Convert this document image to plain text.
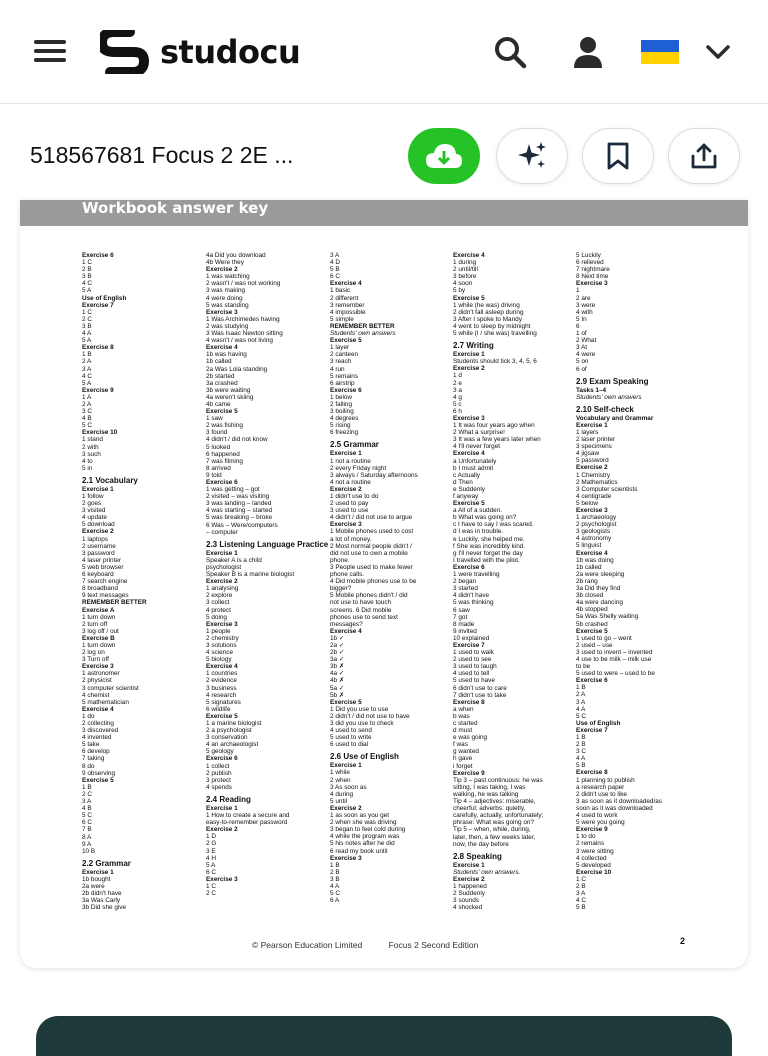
studocu
518567681 Focus 2 2E ...
Workbook answer key
Exercise 6
1 C
2 B
3 B
4 C
5 A
Use of English
Exercise 7
1 C
2 C
3 B
4 A
5 A
Exercise 8
1 B
2 A
3 A
4 C
5 A
Exercise 9
1 A
2 A
3 C
4 B
5 C
Exercise 10
1 stand
2 with
3 such
4 to
5 in
2.1 Vocabulary
Exercise 1
1 follow
2 goes
3 visited
4 update
5 download
Exercise 2
1 laptops
2 username
3 password
4 laser printer
5 web browser
6 keyboard
7 search engine
8 broadband
9 text messages
REMEMBER BETTER
Exercise A
1 turn down
2 turn off
3 log off / out
Exercise B
1 turn down
2 log on
3 Turn off
Exercise 3
1 astronomer
2 physicist
3 computer scientist
4 chemist
5 mathematician
Exercise 4
1 do
2 collecting
3 discovered
4 invented
5 take
6 develop
7 taking
8 do
9 observing
Exercise 5
1 B
2 C
3 A
4 B
5 C
6 C
7 B
8 A
9 A
10 B
2.2 Grammar
Exercise 1
1b bought
2a were
2b didn't have
3a Was Carly
3b Did she give
4a Did you download
4b Were they
Exercise 2
1 was watching
2 wasn't / was not working
3 was making
4 were doing
5 was standing
Exercise 3
1 Was Archimedes having
2 was studying
3 Was Isaac Newton sitting
4 wasn't / was not living
Exercise 4
1b was having
1b called
2a Was Lola standing
2b started
3a crashed
3b were waiting
4a weren't skiing
4b came
Exercise 5
1 saw
2 was fishing
3 found
4 didn't / did not know
5 looked
6 happened
7 was filming
8 arrived
9 told
Exercise 6
1 was getting – got
2 visited – was visiting
3 was landing – landed
4 was starting – started
5 was breaking – broke
6 Was – Were/computers
– computer
2.3 Listening Language Practice
Exercise 1
Speaker A is a child
psychologist
Speaker B is a marine biologist
Exercise 2
1 analysing
2 explore
3 collect
4 protect
5 doing
Exercise 3
1 people
2 chemistry
3 solutions
4 science
5 biology
Exercise 4
1 countries
2 evidence
3 business
4 research
5 signatures
6 wildlife
Exercise 5
1 a marine biologist
2 a psychologist
3 conservation
4 an archaeologist
5 geology
Exercise 6
1 collect
2 publish
3 protect
4 spends
2.4 Reading
Exercise 1
1 How to create a secure and
easy-to-remember password
Exercise 2
1 D
2 G
3 E
4 H
5 A
6 C
Exercise 3
1 C
2 C
3 A
4 D
5 B
6 C
Exercise 4
1 basic
2 different
3 remember
4 impossible
5 simple
REMEMBER BETTER
Students' own answers
Exercise 5
1 layer
2 canteen
3 reach
4 run
5 remains
6 airstrip
Exercise 6
1 below
2 falling
3 boiling
4 degrees
5 rising
6 freezing
2.5 Grammar
Exercise 1
1 not a routine
2 every Friday night
3 always / Saturday afternoons
4 not a routine
Exercise 2
1 didn't use to do
2 used to pay
3 used to use
4 didn't / did not use to argue
Exercise 3
1 Mobile phones used to cost
a lot of money.
2 Most normal people didn't /
did not use to own a mobile
phone.
3 People used to make fewer
phone calls.
4 Did mobile phones use to be
bigger?
5 Mobile phones didn't / did
not use to have touch
screens. 6 Did mobile
phones use to send text
messages?
Exercise 4
1b ✓
2a ✓
2b ✓
3a ✓
3b ✗
4a ✓
4b ✗
5a ✓
5b ✗
Exercise 5
1 Did you use to use
2 didn't / did not use to have
3 did you use to check
4 used to send
5 used to write
6 used to dial
2.6 Use of English
Exercise 1
1 while
2 when
3 As soon as
4 during
5 until
Exercise 2
1 as soon as you get
2 when she was driving
3 began to feel cold during
4 while the program was
5 his notes after he did
6 read my book until
Exercise 3
1 B
2 B
3 B
4 A
5 C
6 A
Exercise 4
1 during
2 until/till
3 before
4 soon
5 by
Exercise 5
1 while (he was) driving
2 didn't fall asleep during
3 After I spoke to Mandy
4 went to sleep by midnight
5 while (I / she was) travelling
2.7 Writing
Exercise 1
Students should tick 3, 4, 5, 6
Exercise 2
1 d
2 e
3 a
4 g
5 c
6 h
Exercise 3
1 It was four years ago when
2 What a surprise!
3 It was a few years later when
4 I'll never forget
Exercise 4
a Unfortunately
b I must admit
c Actually
d Then
e Suddenly
f anyway
Exercise 5
a All of a sudden.
b What was going on?
c I have to say I was scared.
d I was in trouble.
e Luckily, she helped me.
f She was incredibly kind.
g I'll never forget the day
I travelled with the pilot.
Exercise 6
1 were travelling
2 began
3 started
4 didn't have
5 was thinking
6 saw
7 got
8 made
9 invited
10 explained
Exercise 7
1 used to walk
2 used to see
3 used to laugh
4 used to tell
5 used to have
6 didn't use to care
7 didn't use to take
Exercise 8
a when
b was
c started
d must
e was going
f was
g wanted
h gave
i forget
Exercise 9
Tip 3 – past continuous: he was
sitting, I was taking, I was
walking, he was talking
Tip 4 – adjectives: miserable,
cheerful; adverbs: quietly,
carefully, actually, unfortunately;
phrase: What was going on?
Tip 5 – when, while, during,
later, then, a few weeks later,
now, the day before
2.8 Speaking
Exercise 1
Students' own answers.
Exercise 2
1 happened
2 Suddenly
3 sounds
4 shocked
5 Luckily
6 relieved
7 nightmare
8 Next time
Exercise 3
1
2 are
3 were
4 with
5 In
6
1 of
2 What
3 At
4 were
5 on
6 of
2.9 Exam Speaking
Tasks 1–4
Students' own answers
2.10 Self-check
Vocabulary and Grammar
Exercise 1
1 layers
2 laser printer
3 specimens
4 jigsaw
5 password
Exercise 2
1 Chemistry
2 Mathematics
3 Computer scientists
4 centigrade
5 below
Exercise 3
1 archaeology
2 psychologist
3 geologists
4 astronomy
5 linguist
Exercise 4
1b was doing
1b called
2a were sleeping
2b rang
3a Did they find
3b closed
4a were dancing
4b stopped
5a Was Shelly waiting
5b crashed
Exercise 5
1 used to go – went
2 used – use
3 used to invent – invented
4 use to be milk – milk use
to be
5 used to were – used to be
Exercise 6
1 B
2 A
3 A
4 A
5 C
Use of English
Exercise 7
1 B
2 B
3 C
4 A
5 B
Exercise 8
1 planning to publish
a research paper
2 didn't use to like
3 as soon as it downloaded/as
soon as it was downloaded
4 used to work
5 were you going
Exercise 9
1 to do
2 remains
3 were sitting
4 collected
5 developed
Exercise 10
1 C
2 B
3 A
4 C
5 B
© Pearson Education Limited	Focus 2 Second Edition	2
